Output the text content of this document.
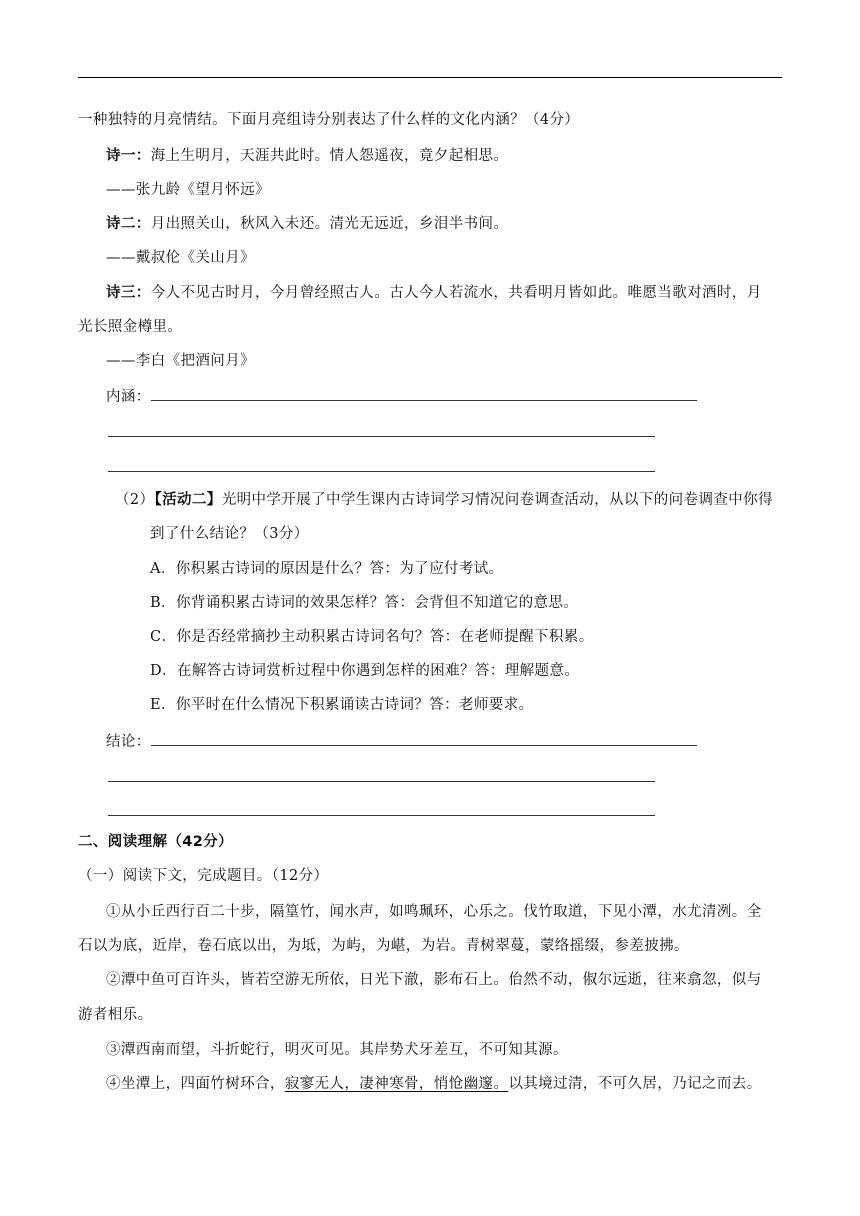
一种独特的月亮情结。下面月亮组诗分别表达了什么样的文化内涵？（4分）
诗一：海上生明月，天涯共此时。情人怨遥夜，竟夕起相思。
——张九龄《望月怀远》
诗二：月出照关山，秋风入未还。清光无远近，乡泪半书间。
——戴叔伦《关山月》
诗三：今人不见古时月，今月曾经照古人。古人今人若流水，共看明月皆如此。唯愿当歌对酒时，月
光长照金樽里。
——李白《把酒问月》
内涵：
（2）【活动二】光明中学开展了中学生课内古诗词学习情况问卷调查活动，从以下的问卷调查中你得
到了什么结论？（3分）
A．你积累古诗词的原因是什么？答：为了应付考试。
B．你背诵积累古诗词的效果怎样？答：会背但不知道它的意思。
C．你是否经常摘抄主动积累古诗词名句？答：在老师提醒下积累。
D．在解答古诗词赏析过程中你遇到怎样的困难？答：理解题意。
E．你平时在什么情况下积累诵读古诗词？答：老师要求。
结论：
二、阅读理解（42分）
（一）阅读下文，完成题目。（12分）
①从小丘西行百二十步，隔篁竹，闻水声，如鸣珮环，心乐之。伐竹取道，下见小潭，水尤清冽。全
石以为底，近岸，卷石底以出，为坻，为屿，为嵁，为岩。青树翠蔓，蒙络摇缀，参差披拂。
②潭中鱼可百许头，皆若空游无所依，日光下澈，影布石上。佁然不动，俶尔远逝，往来翕忽，似与
游者相乐。
③潭西南而望，斗折蛇行，明灭可见。其岸势犬牙差互，不可知其源。
④坐潭上，四面竹树环合，寂寥无人，凄神寒骨，悄怆幽邃。以其境过清，不可久居，乃记之而去。
